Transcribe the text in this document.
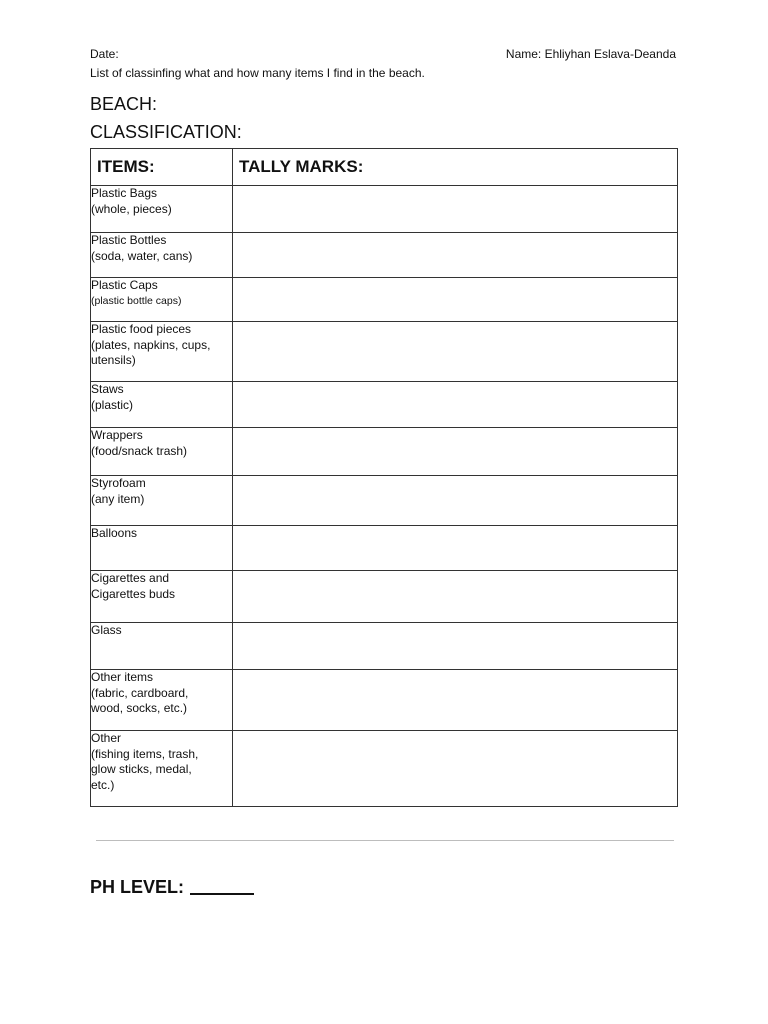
Date:	Name: Ehliyhan Eslava-Deanda
List of classinfing what and how many items I find in the beach.
BEACH:
CLASSIFICATION:
ITEMS:	TALLY MARKS:

Plastic Bags
(whole, pieces)	

Plastic Bottles
(soda, water, cans)	

Plastic Caps
(plastic bottle caps)	

Plastic food pieces
(plates, napkins, cups,
utensils)	

Staws
(plastic)	

Wrappers
(food/snack trash)	

Styrofoam
(any item)	

Balloons	

Cigarettes and
Cigarettes buds	

Glass	

Other items
(fabric, cardboard,
wood, socks, etc.)	

Other
(fishing items, trash,
glow sticks, medal,
etc.)	

PH LEVEL:
